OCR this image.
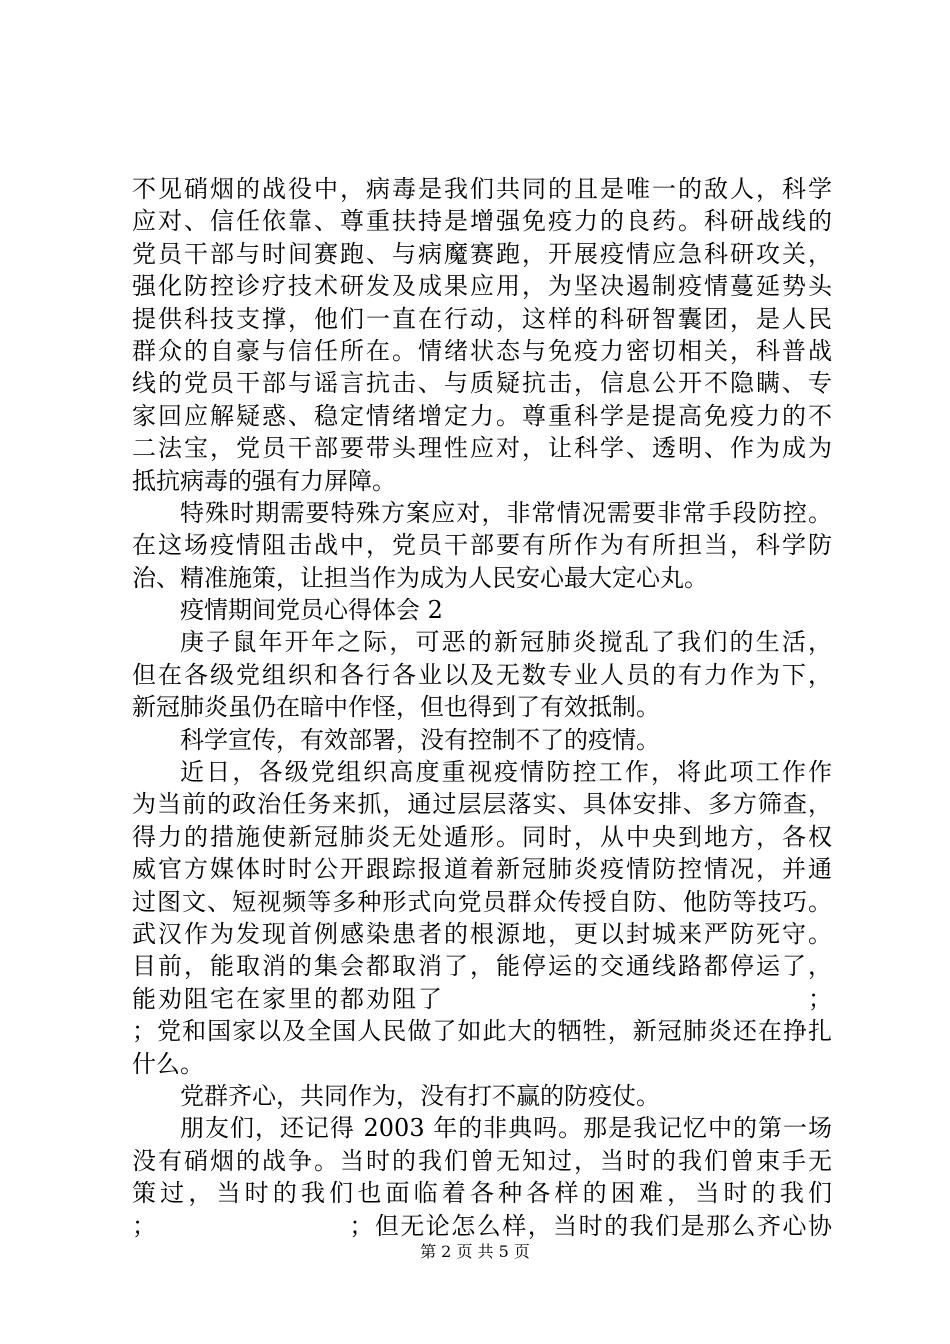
不见硝烟的战役中，病毒是我们共同的且是唯一的敌人，科学
应对、信任依靠、尊重扶持是增强免疫力的良药。科研战线的
党员干部与时间赛跑、与病魔赛跑，开展疫情应急科研攻关，
强化防控诊疗技术研发及成果应用，为坚决遏制疫情蔓延势头
提供科技支撑，他们一直在行动，这样的科研智囊团，是人民
群众的自豪与信任所在。情绪状态与免疫力密切相关，科普战
线的党员干部与谣言抗击、与质疑抗击，信息公开不隐瞒、专
家回应解疑惑、稳定情绪增定力。尊重科学是提高免疫力的不
二法宝，党员干部要带头理性应对，让科学、透明、作为成为
抵抗病毒的强有力屏障。
特殊时期需要特殊方案应对，非常情况需要非常手段防控。
在这场疫情阻击战中，党员干部要有所作为有所担当，科学防
治、精准施策，让担当作为成为人民安心最大定心丸。
疫情期间党员心得体会 2
庚子鼠年开年之际，可恶的新冠肺炎搅乱了我们的生活，
但在各级党组织和各行各业以及无数专业人员的有力作为下，
新冠肺炎虽仍在暗中作怪，但也得到了有效抵制。
科学宣传，有效部署，没有控制不了的疫情。
近日，各级党组织高度重视疫情防控工作，将此项工作作
为当前的政治任务来抓，通过层层落实、具体安排、多方筛查，
得力的措施使新冠肺炎无处遁形。同时，从中央到地方，各权
威官方媒体时时公开跟踪报道着新冠肺炎疫情防控情况，并通
过图文、短视频等多种形式向党员群众传授自防、他防等技巧。
武汉作为发现首例感染患者的根源地，更以封城来严防死守。
目前，能取消的集会都取消了，能停运的交通线路都停运了，
能劝阻宅在家里的都劝阻了　　　　　　　　　　　　　　；
；党和国家以及全国人民做了如此大的牺牲，新冠肺炎还在挣扎
什么。
党群齐心，共同作为，没有打不赢的防疫仗。
朋友们，还记得 2003 年的非典吗。那是我记忆中的第一场
没有硝烟的战争。当时的我们曾无知过，当时的我们曾束手无
策过，当时的我们也面临着各种各样的困难，当时的我们
；　　　　　　　　；但无论怎么样，当时的我们是那么齐心协
第 2 页 共 5 页
